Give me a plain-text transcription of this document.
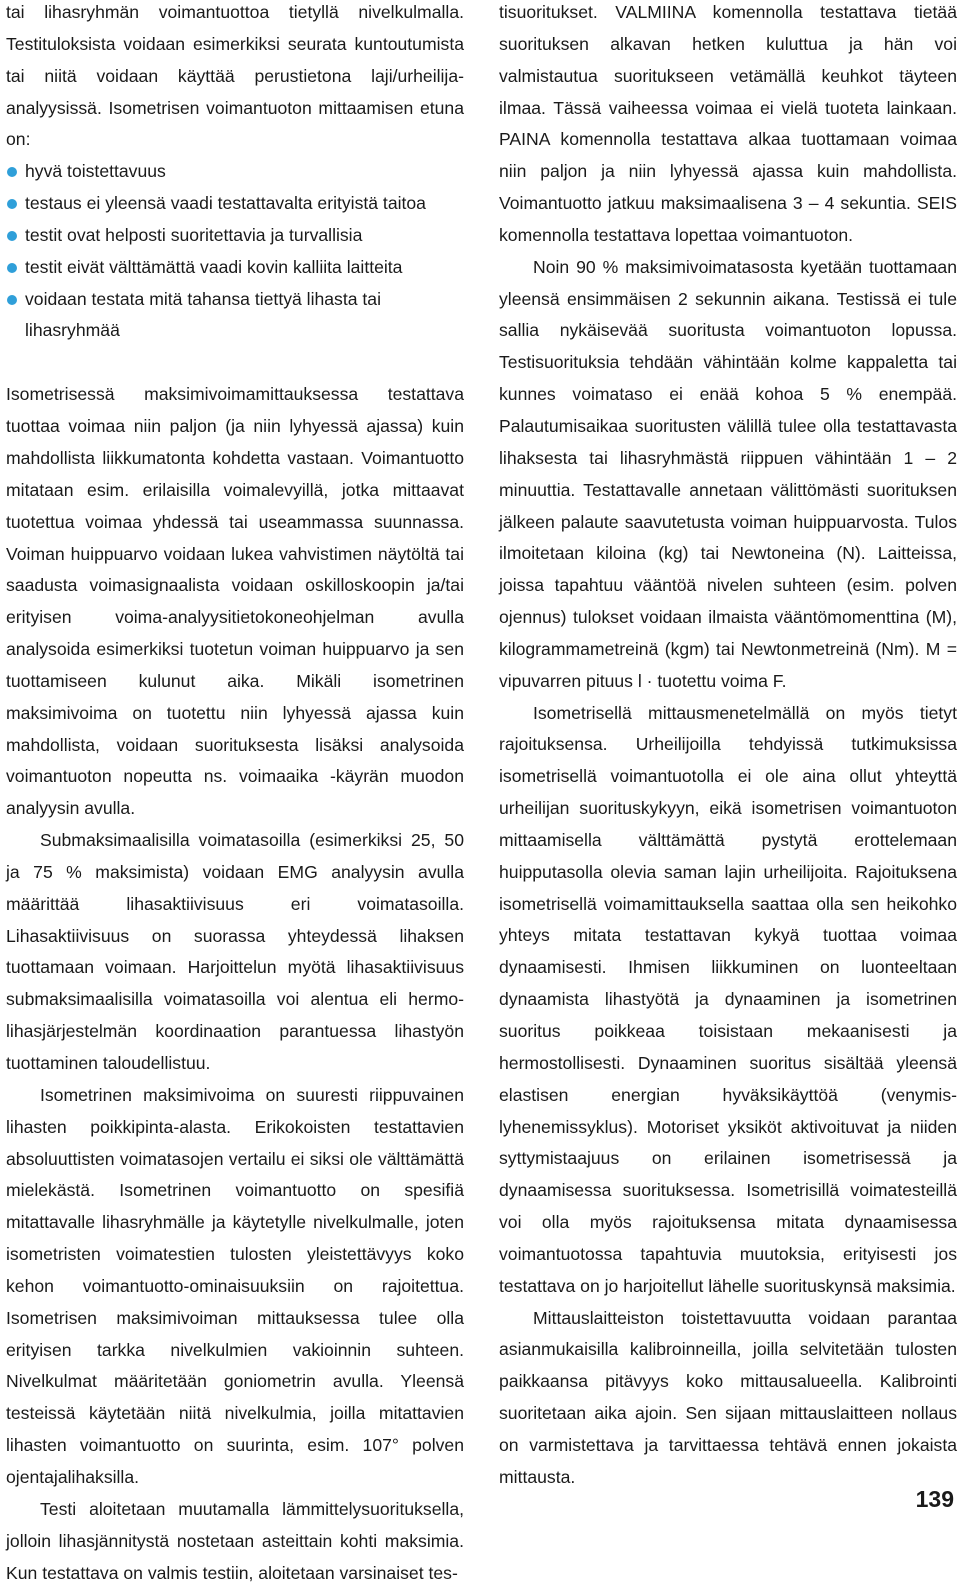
tai lihasryhmän voimantuottoa tietyllä nivelkulmalla. Testituloksista voidaan esimerkiksi seurata kuntoutumista tai niitä voidaan käyttää perustietona laji/urheilija-analyysissä. Isometrisen voimantuoton mittaamisen etuna on:

hyvä toistettavuus
testaus ei yleensä vaadi testattavalta erityistä taitoa
testit ovat helposti suoritettavia ja turvallisia
testit eivät välttämättä vaadi kovin kalliita laitteita
voidaan testata mitä tahansa tiettyä lihasta tai lihasryhmää

Isometrisessä maksimivoimamittauksessa testattava tuottaa voimaa niin paljon (ja niin lyhyessä ajassa) kuin mahdollista liikkumatonta kohdetta vastaan. Voimantuotto mitataan esim. erilaisilla voimalevyillä, jotka mittaavat tuotettua voimaa yhdessä tai useammassa suunnassa. Voiman huippuarvo voidaan lukea vahvistimen näytöltä tai saadusta voimasignaalista voidaan oskilloskoopin ja/tai erityisen voima-analyysitietokoneohjelman avulla analysoida esimerkiksi tuotetun voiman huippuarvo ja sen tuottamiseen kulunut aika. Mikäli isometrinen maksimivoima on tuotettu niin lyhyessä ajassa kuin mahdollista, voidaan suorituksesta lisäksi analysoida voimantuoton nopeutta ns. voimaaika -käyrän muodon analyysin avulla.

Submaksimaalisilla voimatasoilla (esimerkiksi 25, 50 ja 75 % maksimista) voidaan EMG analyysin avulla määrittää lihasaktiivisuus eri voimatasoilla. Lihasaktiivisuus on suorassa yhteydessä lihaksen tuottamaan voimaan. Harjoittelun myötä lihasaktiivisuus submaksimaalisilla voimatasoilla voi alentua eli hermo-lihasjärjestelmän koordinaation parantuessa lihastyön tuottaminen taloudellistuu.

Isometrinen maksimivoima on suuresti riippuvainen lihasten poikkipinta-alasta. Erikokoisten testattavien absoluuttisten voimatasojen vertailu ei siksi ole välttämättä mielekästä. Isometrinen voimantuotto on spesifiä mitattavalle lihasryhmälle ja käytetylle nivelkulmalle, joten isometristen voimatestien tulosten yleistettävyys koko kehon voimantuotto-ominaisuuksiin on rajoitettua. Isometrisen maksimivoiman mittauksessa tulee olla erityisen tarkka nivelkulmien vakioinnin suhteen. Nivelkulmat määritetään goniometrin avulla. Yleensä testeissä käytetään niitä nivelkulmia, joilla mitattavien lihasten voimantuotto on suurinta, esim. 107° polven ojentajalihaksilla.

Testi aloitetaan muutamalla lämmittelysuorituksella, jolloin lihasjännitystä nostetaan asteittain kohti maksimia. Kun testattava on valmis testiin, aloitetaan varsinaiset tes-

tisuoritukset. VALMIINA komennolla testattava tietää suorituksen alkavan hetken kuluttua ja hän voi valmistautua suoritukseen vetämällä keuhkot täyteen ilmaa. Tässä vaiheessa voimaa ei vielä tuoteta lainkaan. PAINA komennolla testattava alkaa tuottamaan voimaa niin paljon ja niin lyhyessä ajassa kuin mahdollista. Voimantuotto jatkuu maksimaalisena 3 – 4 sekuntia. SEIS komennolla testattava lopettaa voimantuoton.

Noin 90 % maksimivoimatasosta kyetään tuottamaan yleensä ensimmäisen 2 sekunnin aikana. Testissä ei tule sallia nykäisevää suoritusta voimantuoton lopussa. Testisuorituksia tehdään vähintään kolme kappaletta tai kunnes voimataso ei enää kohoa 5 % enempää. Palautumisaikaa suoritusten välillä tulee olla testattavasta lihaksesta tai lihasryhmästä riippuen vähintään 1 – 2 minuuttia. Testattavalle annetaan välittömästi suorituksen jälkeen palaute saavutetusta voiman huippuarvosta. Tulos ilmoitetaan kiloina (kg) tai Newtoneina (N). Laitteissa, joissa tapahtuu vääntöä nivelen suhteen (esim. polven ojennus) tulokset voidaan ilmaista vääntömomenttina (M), kilogrammametreinä (kgm) tai Newtonmetreinä (Nm). M = vipuvarren pituus l · tuotettu voima F.

Isometrisellä mittausmenetelmällä on myös tietyt rajoituksensa. Urheilijoilla tehdyissä tutkimuksissa isometrisellä voimantuotolla ei ole aina ollut yhteyttä urheilijan suorituskykyyn, eikä isometrisen voimantuoton mittaamisella välttämättä pystytä erottelemaan huipputasolla olevia saman lajin urheilijoita. Rajoituksena isometrisellä voimamittauksella saattaa olla sen heikohko yhteys mitata testattavan kykyä tuottaa voimaa dynaamisesti. Ihmisen liikkuminen on luonteeltaan dynaamista lihastyötä ja dynaaminen ja isometrinen suoritus poikkeaa toisistaan mekaanisesti ja hermostollisesti. Dynaaminen suoritus sisältää yleensä elastisen energian hyväksikäyttöä (venymis-lyhenemissyklus). Motoriset yksiköt aktivoituvat ja niiden syttymistaajuus on erilainen isometrisessä ja dynaamisessa suorituksessa. Isometrisillä voimatesteillä voi olla myös rajoituksensa mitata dynaamisessa voimantuotossa tapahtuvia muutoksia, erityisesti jos testattava on jo harjoitellut lähelle suorituskynsä maksimia.

Mittauslaitteiston toistettavuutta voidaan parantaa asianmukaisilla kalibroinneilla, joilla selvitetään tulosten paikkaansa pitävyys koko mittausalueella. Kalibrointi suoritetaan aika ajoin. Sen sijaan mittauslaitteen nollaus on varmistettava ja tarvittaessa tehtävä ennen jokaista mittausta.

139
